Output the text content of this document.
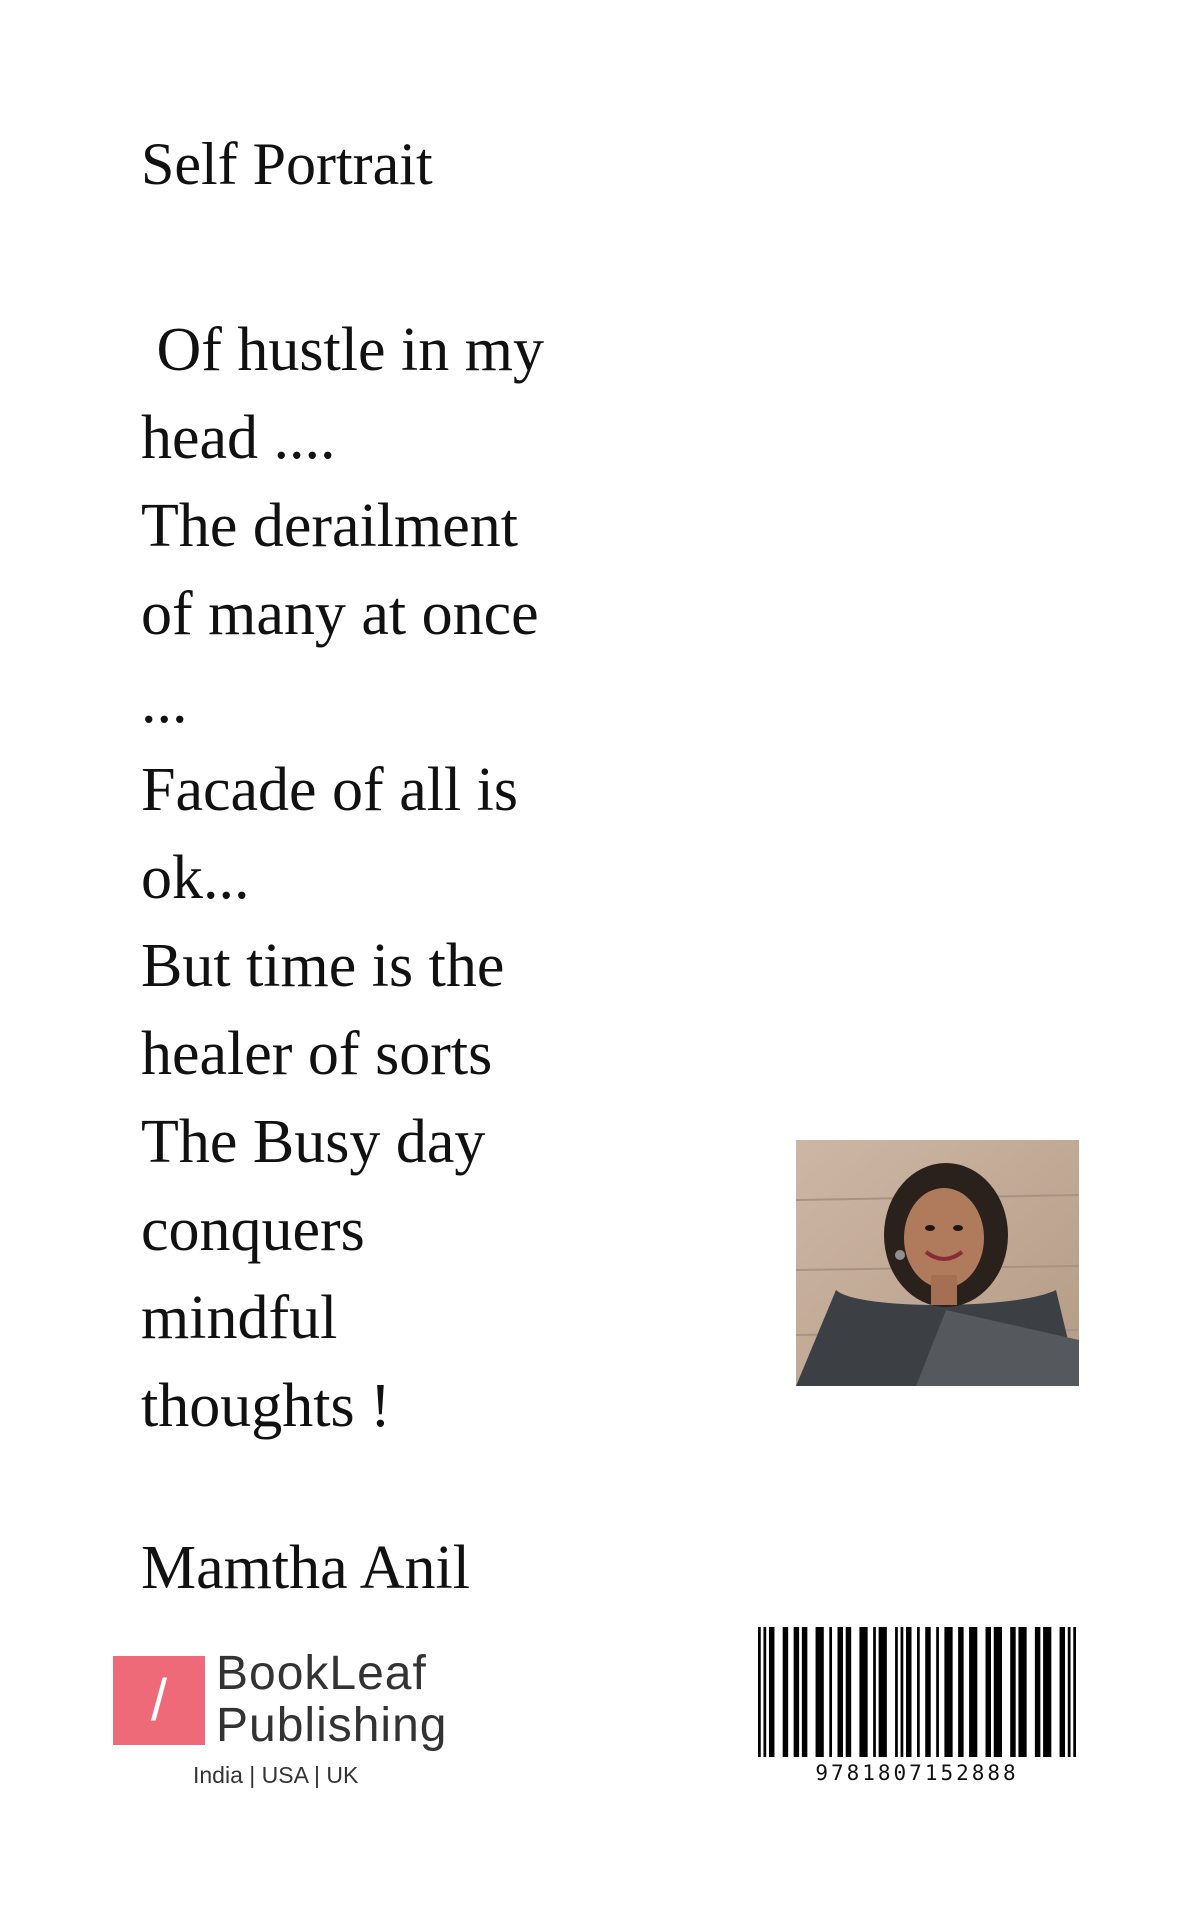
Self Portrait
Of hustle in my
head ....
The derailment
of many at once
...
Facade of all is
ok...
But time is the
healer of sorts
The Busy day
conquers
mindful
thoughts !
Mamtha Anil
/	BookLeaf
Publishing
India | USA | UK	9781807152888
